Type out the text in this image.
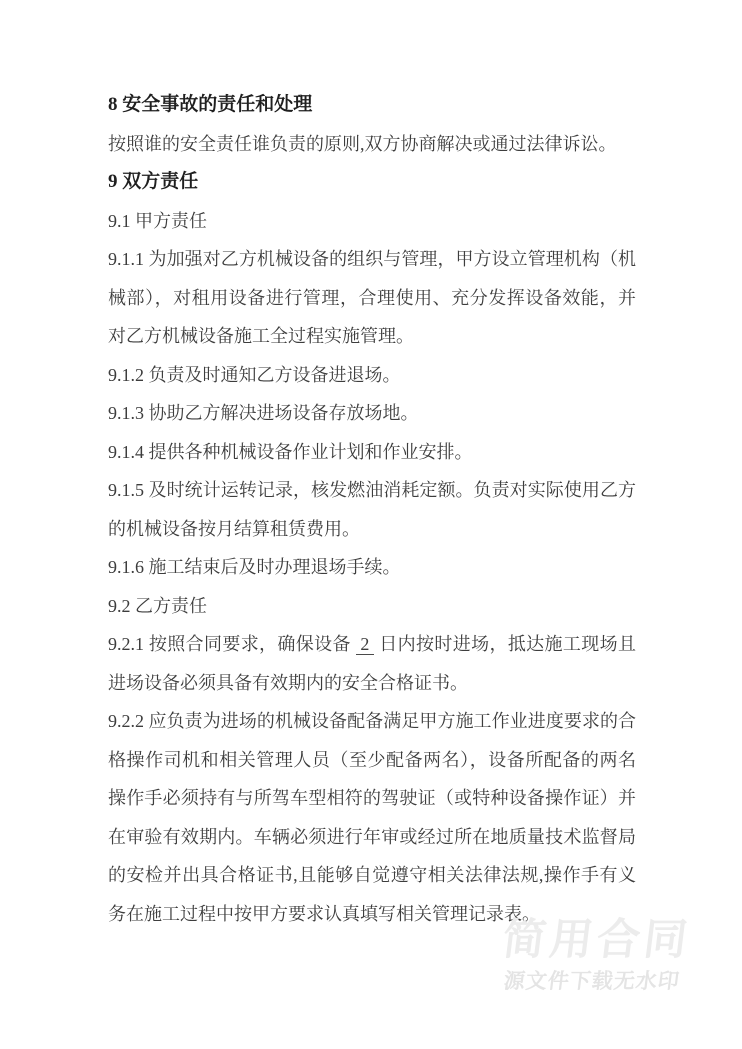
8 安全事故的责任和处理

按照谁的安全责任谁负责的原则,双方协商解决或通过法律诉讼。

9 双方责任

9.1 甲方责任

9.1.1 为加强对乙方机械设备的组织与管理，甲方设立管理机构（机械部），对租用设备进行管理，合理使用、充分发挥设备效能，并对乙方机械设备施工全过程实施管理。

9.1.2 负责及时通知乙方设备进退场。

9.1.3 协助乙方解决进场设备存放场地。

9.1.4 提供各种机械设备作业计划和作业安排。

9.1.5 及时统计运转记录，核发燃油消耗定额。负责对实际使用乙方的机械设备按月结算租赁费用。

9.1.6 施工结束后及时办理退场手续。

9.2 乙方责任

9.2.1 按照合同要求，确保设备 2 日内按时进场，抵达施工现场且进场设备必须具备有效期内的安全合格证书。

9.2.2 应负责为进场的机械设备配备满足甲方施工作业进度要求的合格操作司机和相关管理人员（至少配备两名），设备所配备的两名操作手必须持有与所驾车型相符的驾驶证（或特种设备操作证）并在审验有效期内。车辆必须进行年审或经过所在地质量技术监督局的安检并出具合格证书,且能够自觉遵守相关法律法规,操作手有义务在施工过程中按甲方要求认真填写相关管理记录表。

简用合同
源文件下载无水印
